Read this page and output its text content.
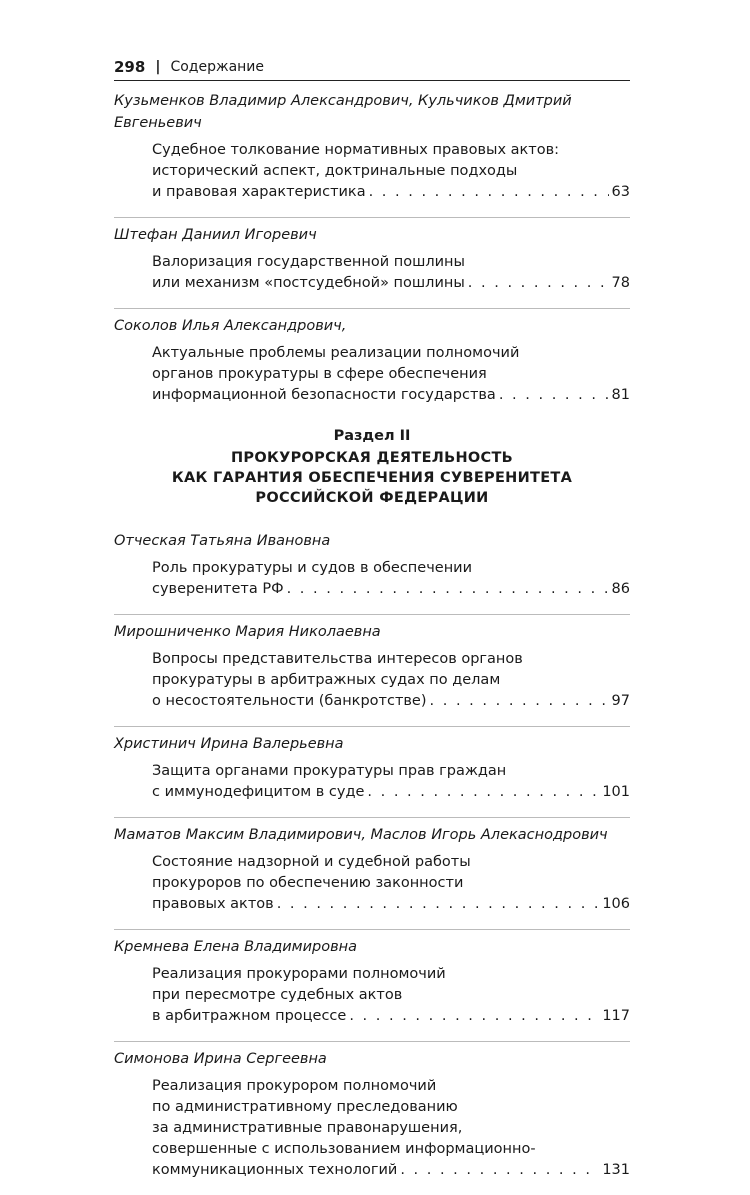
298 | Содержание
Кузьменков Владимир Александрович, Кульчиков Дмитрий Евгеньевич
Судебное толкование нормативных правовых актов:
исторический аспект, доктринальные подходы
и правовая характеристика . . .	63
Штефан Даниил Игоревич
Валоризация государственной пошлины
или механизм «постсудебной» пошлины . . .	78
Соколов Илья Александрович,
Актуальные проблемы реализации полномочий
органов прокуратуры в сфере обеспечения
информационной безопасности государства . . .	81
Раздел II
ПРОКУРОРСКАЯ ДЕЯТЕЛЬНОСТЬ
КАК ГАРАНТИЯ ОБЕСПЕЧЕНИЯ СУВЕРЕНИТЕТА
РОССИЙСКОЙ ФЕДЕРАЦИИ
Отческая Татьяна Ивановна
Роль прокуратуры и судов в обеспечении
суверенитета РФ . . .	86
Мирошниченко Мария Николаевна
Вопросы представительства интересов органов
прокуратуры в арбитражных судах по делам
о несостоятельности (банкротстве) . . .	97
Христинич Ирина Валерьевна
Защита органами прокуратуры прав граждан
с иммунодефицитом в суде . . .	101
Маматов Максим Владимирович, Маслов Игорь Алекаснодрович
Состояние надзорной и судебной работы
прокуроров по обеспечению законности
правовых актов . . .	106
Кремнева Елена Владимировна
Реализация прокурорами полномочий
при пересмотре судебных актов
в арбитражном процессе . . .	117
Симонова Ирина Сергеевна
Реализация прокурором полномочий
по административному преследованию
за административные правонарушения,
совершенные с использованием информационно-
коммуникационных технологий . . .	131
